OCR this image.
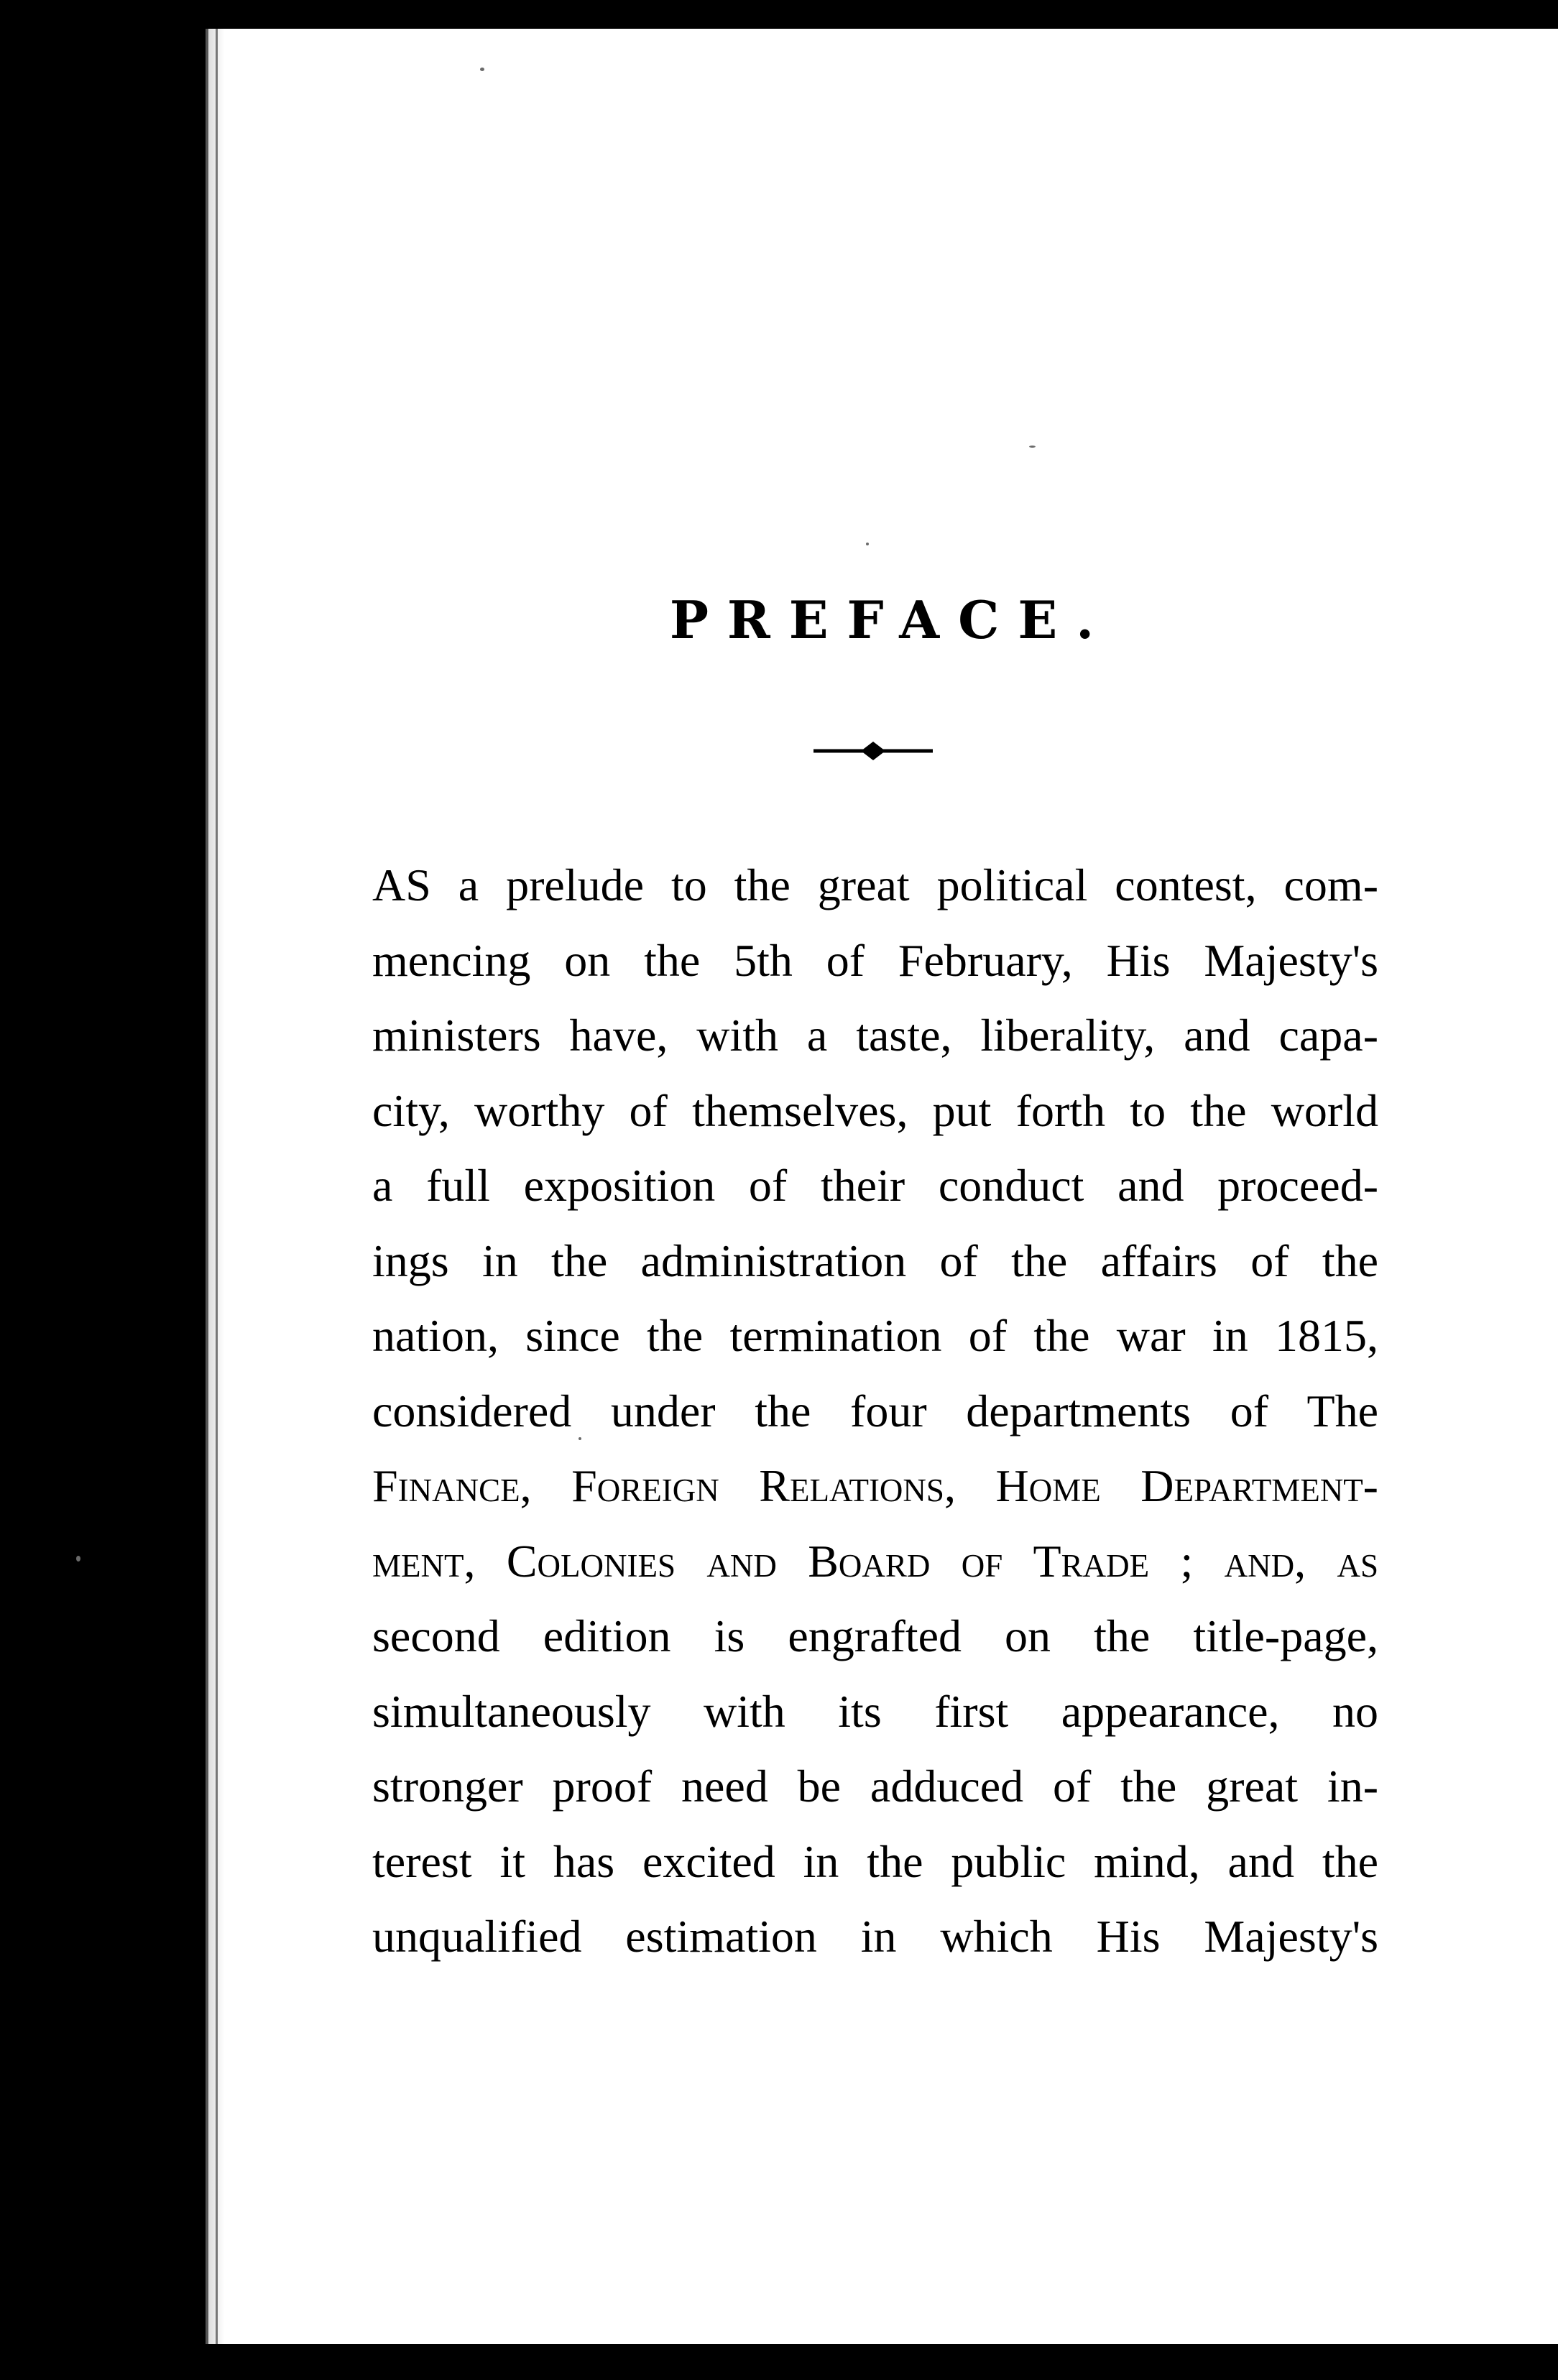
PREFACE.
AS a prelude to the great political contest, com-
mencing on the 5th of February, His Majesty's
ministers have, with a taste, liberality, and capa-
city, worthy of themselves, put forth to the world
a full exposition of their conduct and proceed-
ings in the administration of the affairs of the
nation, since the termination of the war in 1815,
considered under the four departments of The
Finance, Foreign Relations, Home Department-
ment, Colonies and Board of Trade ; and, as
second edition is engrafted on the title-page,
simultaneously with its first appearance, no
stronger proof need be adduced of the great in-
terest it has excited in the public mind, and the
unqualified estimation in which His Majesty's
